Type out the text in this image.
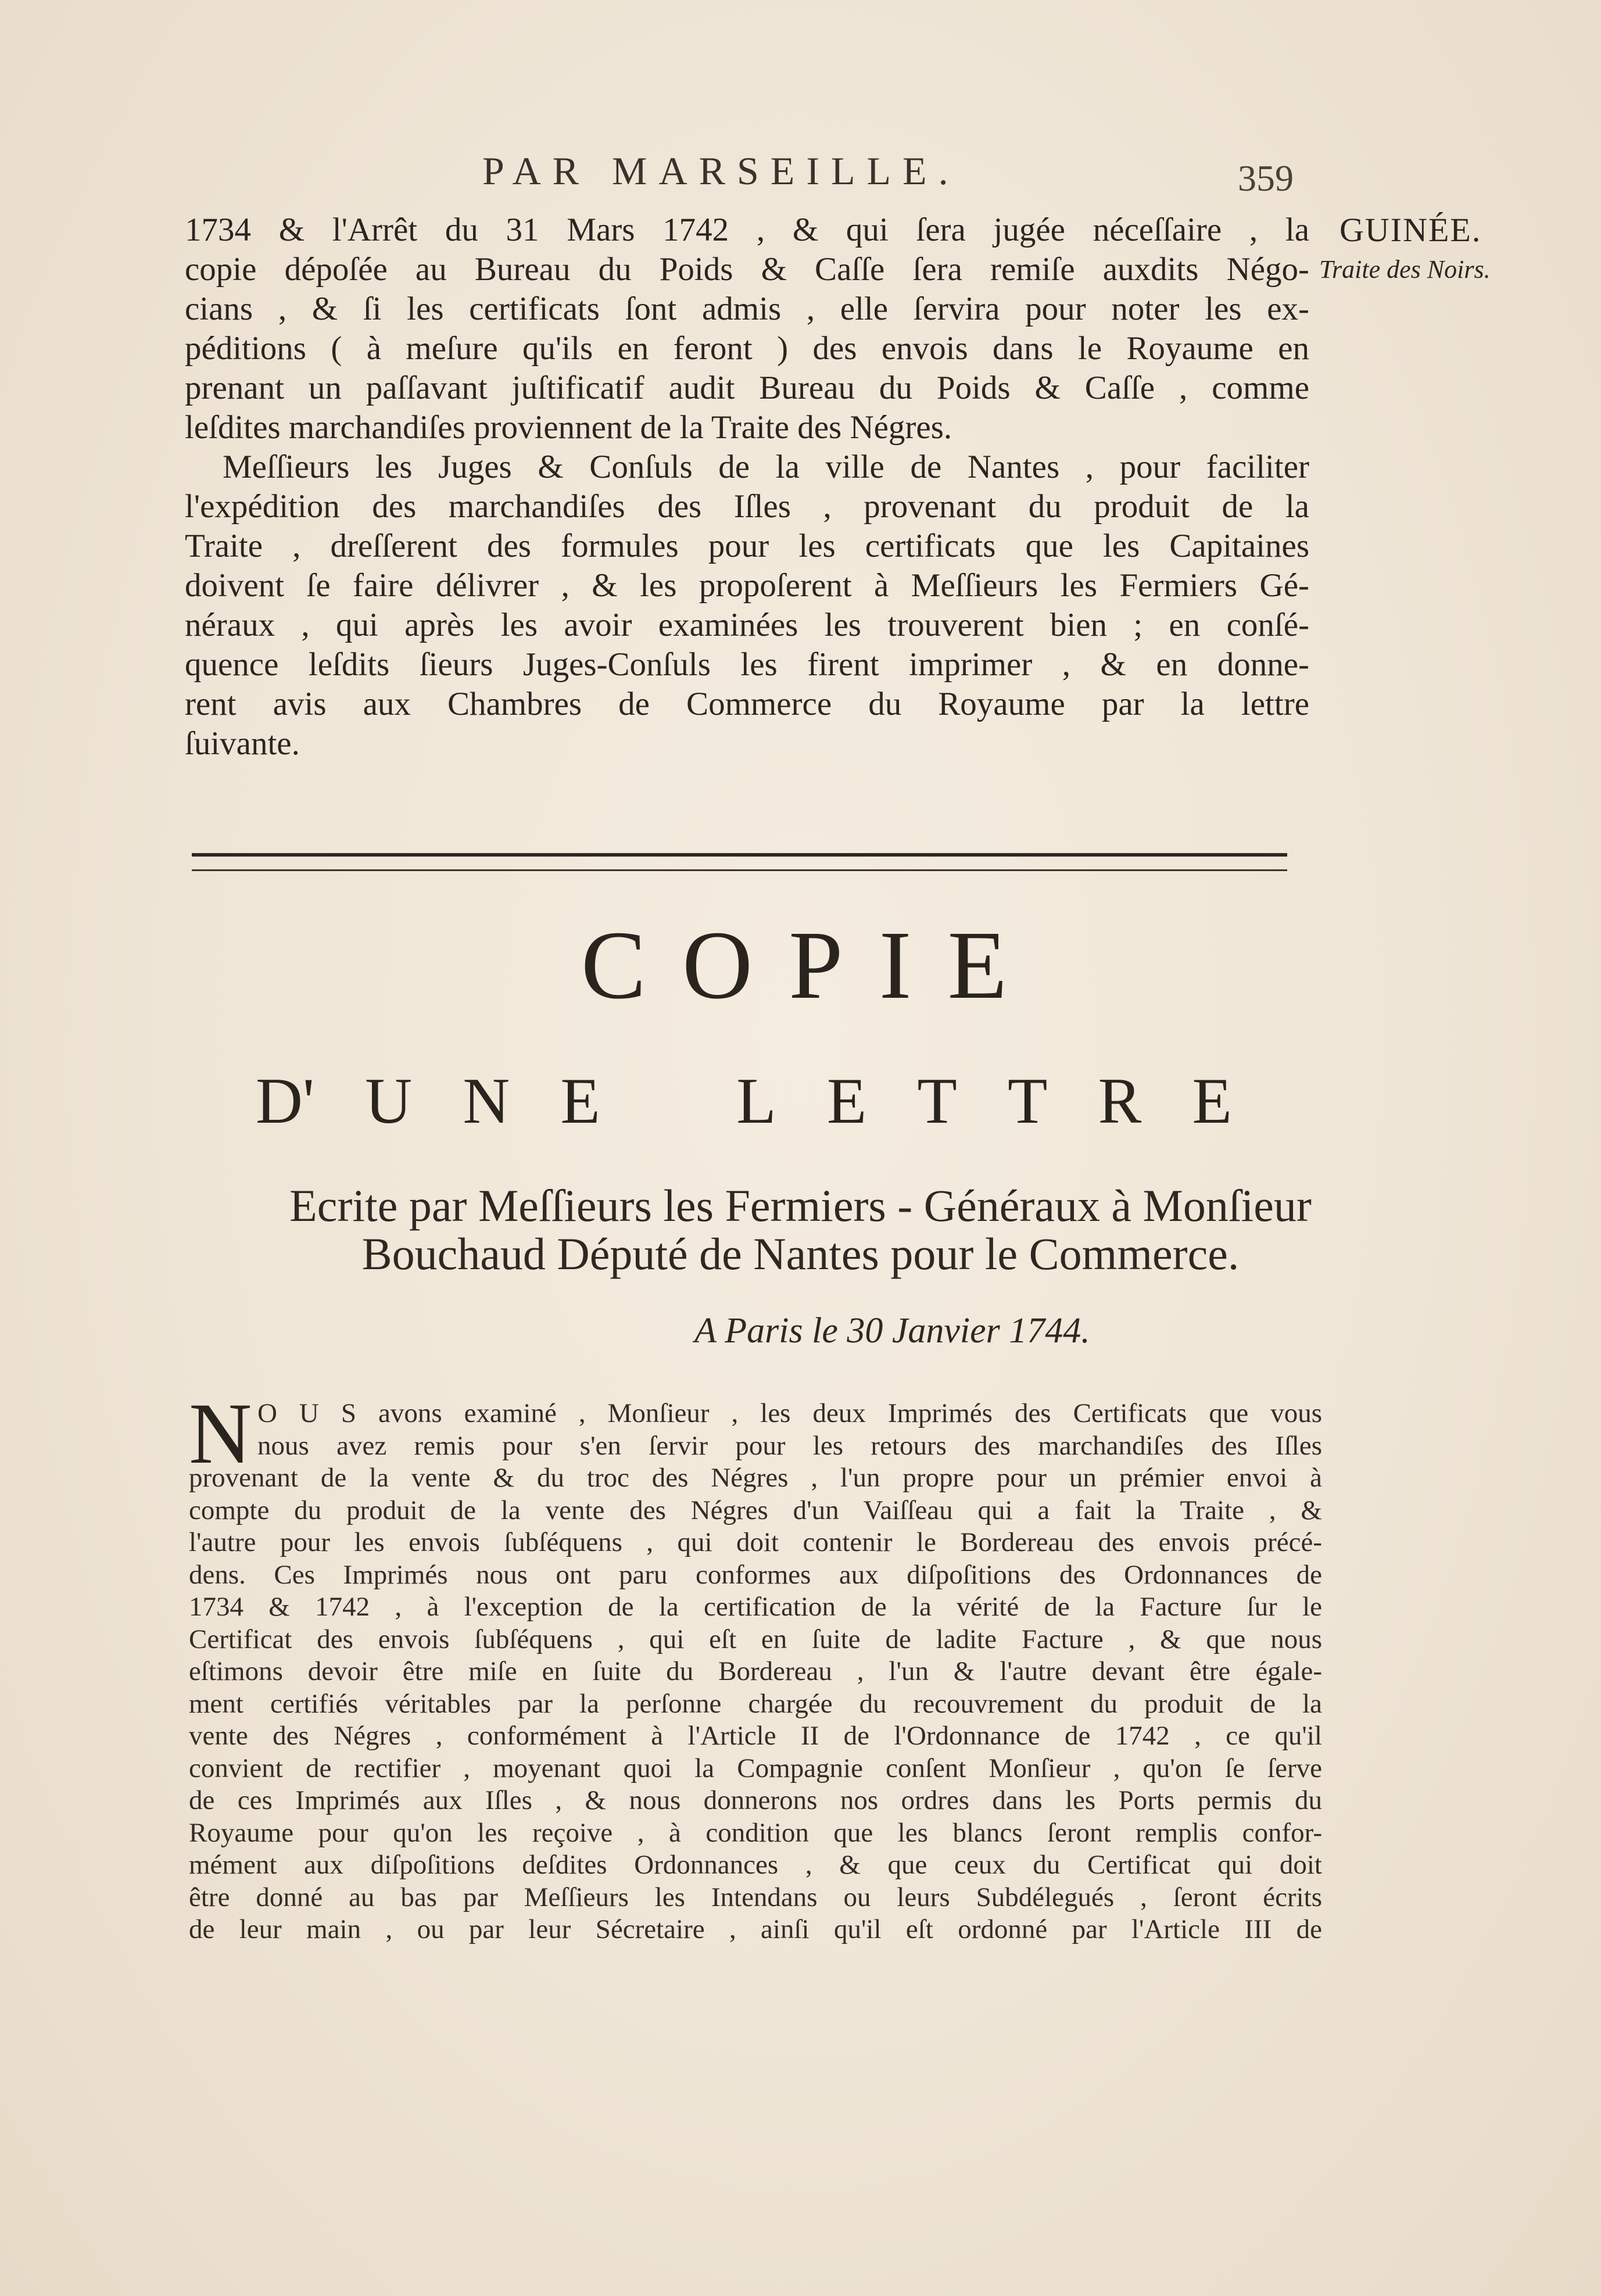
PAR MARSEILLE.	359
GUINÉE.
Traite des Noirs.
1734 & l'Arrêt du 31 Mars 1742 , & qui ſera jugée néceſſaire , la
copie dépoſée au Bureau du Poids & Caſſe ſera remiſe auxdits Négo-
cians , & ſi les certificats ſont admis , elle ſervira pour noter les ex-
péditions ( à meſure qu'ils en feront ) des envois dans le Royaume en
prenant un paſſavant juſtificatif audit Bureau du Poids & Caſſe , comme
leſdites marchandiſes proviennent de la Traite des Négres.
Meſſieurs les Juges & Conſuls de la ville de Nantes , pour faciliter
l'expédition des marchandiſes des Iſles , provenant du produit de la
Traite , dreſſerent des formules pour les certificats que les Capitaines
doivent ſe faire délivrer , & les propoſerent à Meſſieurs les Fermiers Gé-
néraux , qui après les avoir examinées les trouverent bien ; en conſé-
quence leſdits ſieurs Juges-Conſuls les firent imprimer , & en donne-
rent avis aux Chambres de Commerce du Royaume par la lettre
ſuivante.
COPIE
D' U N E L E T T R E
Ecrite par Meſſieurs les Fermiers - Généraux à Monſieur
Bouchaud Député de Nantes pour le Commerce.
A Paris le 30 Janvier 1744.
N O U S avons examiné , Monſieur , les deux Imprimés des Certificats que vous
nous avez remis pour s'en ſervir pour les retours des marchandiſes des Iſles
provenant de la vente & du troc des Négres , l'un propre pour un prémier envoi à
compte du produit de la vente des Négres d'un Vaiſſeau qui a fait la Traite , &
l'autre pour les envois ſubſéquens , qui doit contenir le Bordereau des envois précé-
dens. Ces Imprimés nous ont paru conformes aux diſpoſitions des Ordonnances de
1734 & 1742 , à l'exception de la certification de la vérité de la Facture ſur le
Certificat des envois ſubſéquens , qui eſt en ſuite de ladite Facture , & que nous
eſtimons devoir être miſe en ſuite du Bordereau , l'un & l'autre devant être égale-
ment certifiés véritables par la perſonne chargée du recouvrement du produit de la
vente des Négres , conformément à l'Article II de l'Ordonnance de 1742 , ce qu'il
convient de rectifier , moyenant quoi la Compagnie conſent Monſieur , qu'on ſe ſerve
de ces Imprimés aux Iſles , & nous donnerons nos ordres dans les Ports permis du
Royaume pour qu'on les reçoive , à condition que les blancs ſeront remplis confor-
mément aux diſpoſitions deſdites Ordonnances , & que ceux du Certificat qui doit
être donné au bas par Meſſieurs les Intendans ou leurs Subdélegués , ſeront écrits
de leur main , ou par leur Sécretaire , ainſi qu'il eſt ordonné par l'Article III de
